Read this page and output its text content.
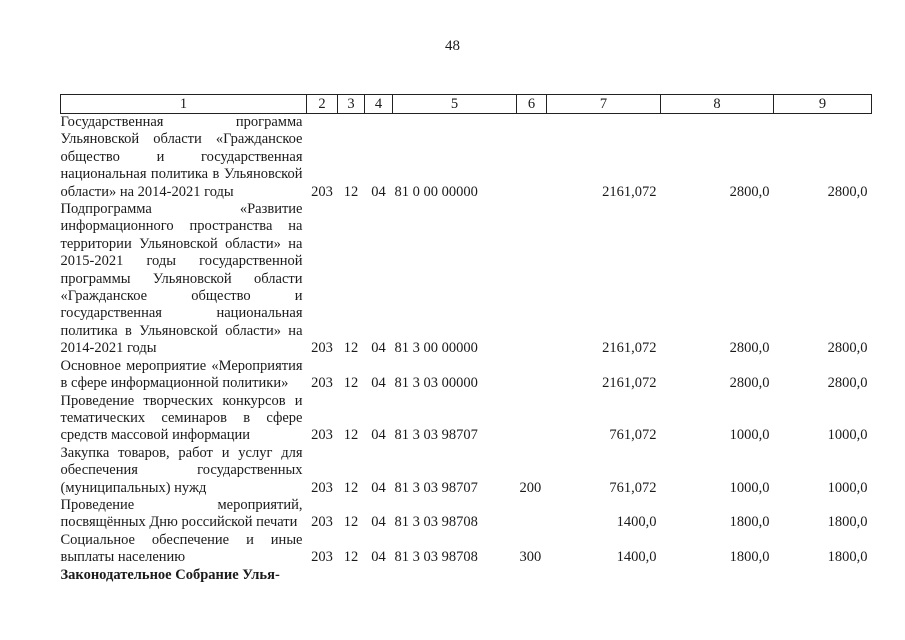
48
1	2	3	4	5	6	7	8	9
Государственная программа Ульяновской области «Гражданское общество и государственная национальная политика в Ульяновской области» на 2014-2021 годы	203	12	04	81 0 00 00000		2161,072	2800,0	2800,0
Подпрограмма «Развитие информационного пространства на территории Ульяновской области» на 2015-2021 годы государственной программы Ульяновской области «Гражданское общество и государственная национальная политика в Ульяновской области» на 2014-2021 годы	203	12	04	81 3 00 00000		2161,072	2800,0	2800,0
Основное мероприятие «Мероприятия в сфере информационной политики»	203	12	04	81 3 03 00000		2161,072	2800,0	2800,0
Проведение творческих конкурсов и тематических семинаров в сфере средств массовой информации	203	12	04	81 3 03 98707		761,072	1000,0	1000,0
Закупка товаров, работ и услуг для обеспечения государственных (муниципальных) нужд	203	12	04	81 3 03 98707	200	761,072	1000,0	1000,0
Проведение мероприятий, посвящённых Дню российской печати	203	12	04	81 3 03 98708		1400,0	1800,0	1800,0
Социальное обеспечение и иные выплаты населению	203	12	04	81 3 03 98708	300	1400,0	1800,0	1800,0
Законодательное Собрание Улья-								
